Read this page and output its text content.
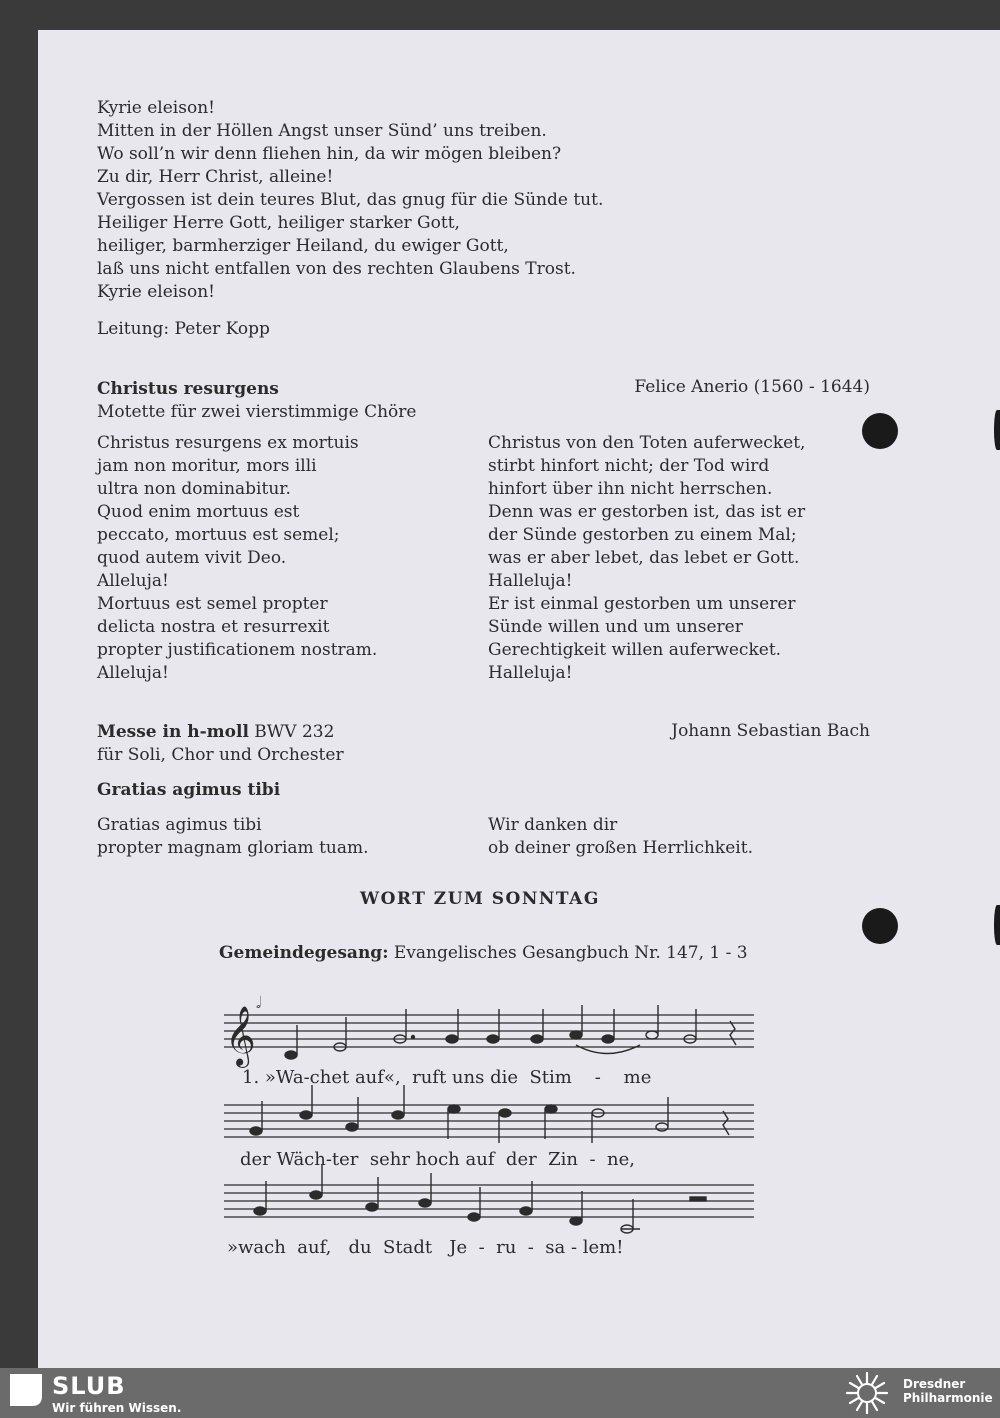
Kyrie eleison!
Mitten in der Höllen Angst unser Sünd’ uns treiben.
Wo soll’n wir denn fliehen hin, da wir mögen bleiben?
Zu dir, Herr Christ, alleine!
Vergossen ist dein teures Blut, das gnug für die Sünde tut.
Heiliger Herre Gott, heiliger starker Gott,
heiliger, barmherziger Heiland, du ewiger Gott,
laß uns nicht entfallen von des rechten Glaubens Trost.
Kyrie eleison!
Leitung: Peter Kopp
Christus resurgens	Felice Anerio (1560 - 1644)
Motette für zwei vierstimmige Chöre
Christus resurgens ex mortuis
jam non moritur, mors illi
ultra non dominabitur.
Quod enim mortuus est
peccato, mortuus est semel;
quod autem vivit Deo.
Alleluja!
Mortuus est semel propter
delicta nostra et resurrexit
propter justificationem nostram.
Alleluja!
Christus von den Toten auferwecket,
stirbt hinfort nicht; der Tod wird
hinfort über ihn nicht herrschen.
Denn was er gestorben ist, das ist er
der Sünde gestorben zu einem Mal;
was er aber lebet, das lebet er Gott.
Halleluja!
Er ist einmal gestorben um unserer
Sünde willen und um unserer
Gerechtigkeit willen auferwecket.
Halleluja!
Messe in h-moll BWV 232	Johann Sebastian Bach
für Soli, Chor und Orchester
Gratias agimus tibi
Gratias agimus tibi
propter magnam gloriam tuam.
Wir danken dir
ob deiner großen Herrlichkeit.
WORT ZUM SONNTAG
Gemeindegesang: Evangelisches Gesangbuch Nr. 147, 1 - 3
𝄞
𝅗𝅥
1. »Wa-chet auf«,  ruft uns die  Stim    -    me
der Wäch-ter  sehr hoch auf  der  Zin  -  ne,
»wach  auf,   du  Stadt   Je  -  ru  -  sa - lem!
SLUB
Wir führen Wissen.
Dresdner
Philharmonie
